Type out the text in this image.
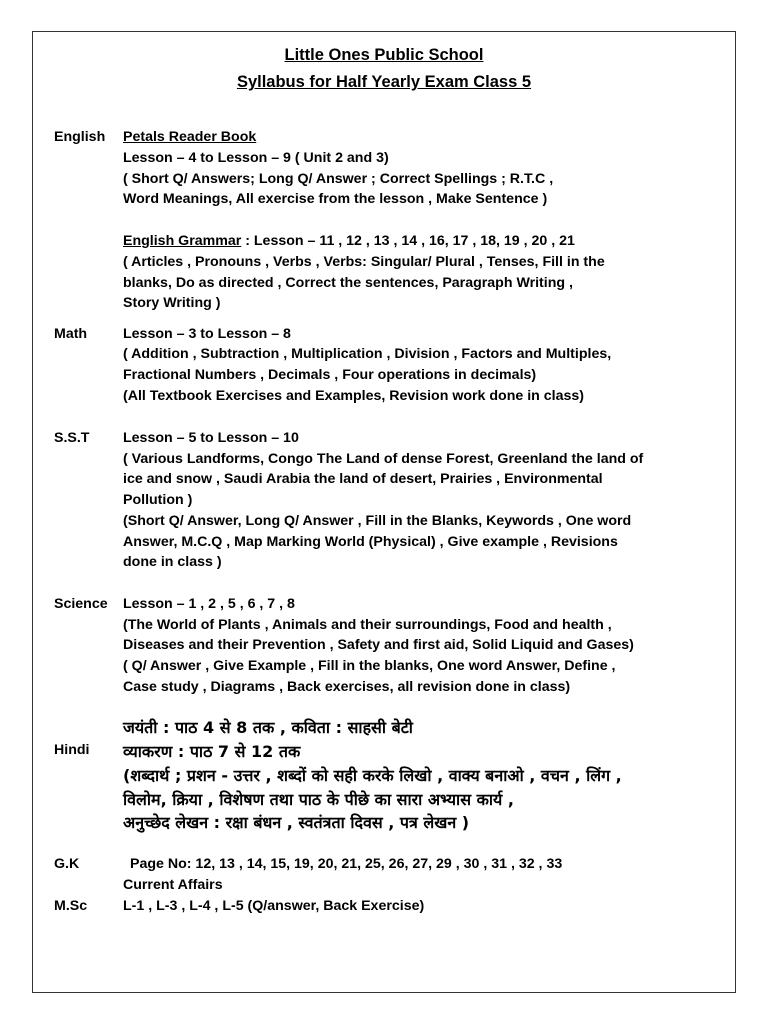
Little Ones Public School
Syllabus for Half Yearly Exam Class 5
English Petals Reader Book
Lesson – 4 to Lesson – 9 ( Unit 2 and 3)
( Short Q/ Answers; Long Q/ Answer ; Correct Spellings ; R.T.C ,
Word Meanings, All exercise from the lesson , Make Sentence )
English Grammar : Lesson – 11 , 12 , 13 , 14 , 16, 17 , 18, 19 , 20 , 21
( Articles , Pronouns , Verbs , Verbs: Singular/ Plural , Tenses, Fill in the
blanks, Do as directed , Correct the sentences, Paragraph Writing ,
Story Writing )
Math	Lesson – 3 to Lesson – 8
( Addition , Subtraction , Multiplication , Division , Factors and Multiples,
Fractional Numbers , Decimals , Four operations in decimals)
(All Textbook Exercises and Examples, Revision work done in class)
S.S.T Lesson – 5 to Lesson – 10
( Various Landforms, Congo The Land of dense Forest, Greenland the land of
ice and snow , Saudi Arabia the land of desert, Prairies , Environmental
Pollution )
(Short Q/ Answer, Long Q/ Answer , Fill in the Blanks, Keywords , One word
Answer, M.C.Q , Map Marking World (Physical) , Give example , Revisions
done in class )
Science Lesson – 1 , 2 , 5 , 6 , 7 , 8
(The World of Plants , Animals and their surroundings, Food and health ,
Diseases and their Prevention , Safety and first aid, Solid Liquid and Gases)
( Q/ Answer , Give Example , Fill in the blanks, One word Answer, Define ,
Case study , Diagrams , Back exercises, all revision done in class)
Hindi
जयंती : पाठ 4 से 8 तक , कविता : साहसी बेटी
व्याकरण : पाठ 7 से 12 तक
(शब्दार्थ ; प्रशन - उत्तर , शब्दों को सही करके लिखो , वाक्य बनाओ , वचन , लिंग ,
विलोम, क्रिया , विशेषण तथा पाठ के पीछे का सारा अभ्यास कार्य ,
अनुच्छेद लेखन : रक्षा बंधन , स्वतंत्रता दिवस , पत्र लेखन )
G.K	Page No: 12, 13 , 14, 15, 19, 20, 21, 25, 26, 27, 29 , 30 , 31 , 32 , 33
Current Affairs
M.Sc	L-1 , L-3 , L-4 , L-5 (Q/answer, Back Exercise)
